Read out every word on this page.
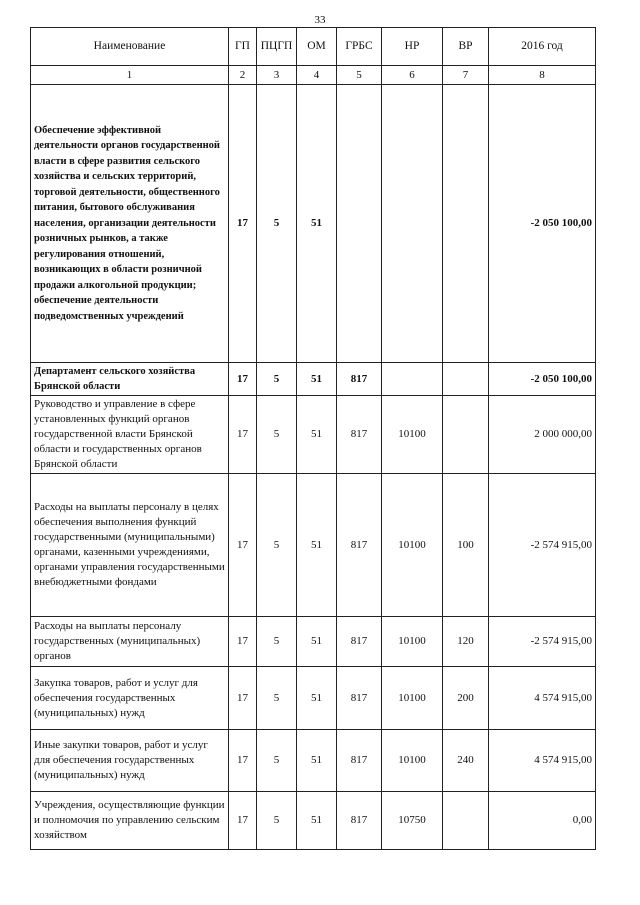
33
Наименование	ГП	ПЦГП	ОМ	ГРБС	НР	ВР	2016 год
1	2	3	4	5	6	7	8
Обеспечение эффективной деятельности органов государственной власти в сфере развития сельского хозяйства и сельских территорий, торговой деятельности, общественного питания, бытового обслуживания населения, организации деятельности розничных рынков, а также регулирования отношений, возникающих в области розничной продажи алкогольной продукции; обеспечение деятельности подведомственных учреждений	17	5	51				-2 050 100,00
Департамент сельского хозяйства Брянской области	17	5	51	817			-2 050 100,00
Руководство и управление в сфере установленных функций органов государственной власти Брянской области и государственных органов Брянской области	17	5	51	817	10100		2 000 000,00
Расходы на выплаты персоналу в целях обеспечения выполнения функций государственными (муниципальными) органами, казенными учреждениями, органами управления государственными внебюджетными фондами	17	5	51	817	10100	100	-2 574 915,00
Расходы на выплаты персоналу государственных (муниципальных) органов	17	5	51	817	10100	120	-2 574 915,00
Закупка товаров, работ и услуг для обеспечения государственных (муниципальных) нужд	17	5	51	817	10100	200	4 574 915,00
Иные закупки товаров, работ и услуг для обеспечения государственных (муниципальных) нужд	17	5	51	817	10100	240	4 574 915,00
Учреждения, осуществляющие функции и полномочия по управлению сельским хозяйством	17	5	51	817	10750		0,00
